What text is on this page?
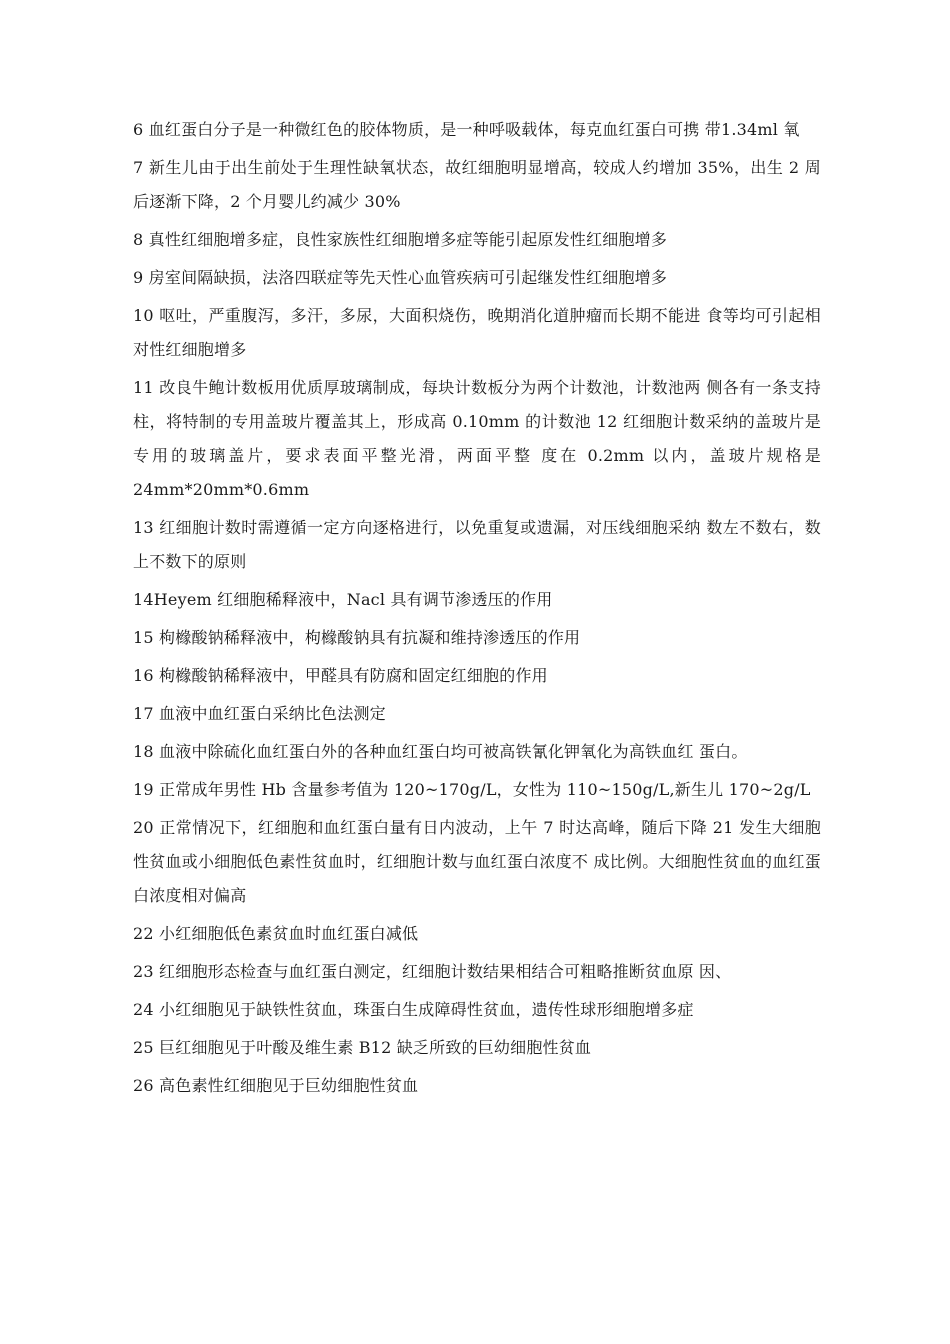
6 血红蛋白分子是一种微红色的胶体物质，是一种呼吸载体，每克血红蛋白可携 带1.34ml 氧

7 新生儿由于出生前处于生理性缺氧状态，故红细胞明显增高，较成人约增加 35%，出生 2 周后逐渐下降，2 个月婴儿约减少 30%

8 真性红细胞增多症，良性家族性红细胞增多症等能引起原发性红细胞增多

9 房室间隔缺损，法洛四联症等先天性心血管疾病可引起继发性红细胞增多

10 呕吐，严重腹泻，多汗，多尿，大面积烧伤，晚期消化道肿瘤而长期不能进 食等均可引起相对性红细胞增多

11 改良牛鲍计数板用优质厚玻璃制成，每块计数板分为两个计数池，计数池两 侧各有一条支持柱，将特制的专用盖玻片覆盖其上，形成高 0.10mm 的计数池 12 红细胞计数采纳的盖玻片是专用的玻璃盖片，要求表面平整光滑，两面平整 度在 0.2mm 以内，盖玻片规格是 24mm*20mm*0.6mm

13 红细胞计数时需遵循一定方向逐格进行，以免重复或遗漏，对压线细胞采纳 数左不数右，数上不数下的原则

14Heyem 红细胞稀释液中，Nacl 具有调节渗透压的作用

15 枸橼酸钠稀释液中，枸橼酸钠具有抗凝和维持渗透压的作用

16 枸橼酸钠稀释液中，甲醛具有防腐和固定红细胞的作用

17 血液中血红蛋白采纳比色法测定

18 血液中除硫化血红蛋白外的各种血红蛋白均可被高铁氰化钾氧化为高铁血红 蛋白。

19 正常成年男性 Hb 含量参考值为 120~170g/L，女性为 110~150g/L,新生儿 170~2g/L

20 正常情况下，红细胞和血红蛋白量有日内波动，上午 7 时达高峰，随后下降 21 发生大细胞性贫血或小细胞低色素性贫血时，红细胞计数与血红蛋白浓度不 成比例。大细胞性贫血的血红蛋白浓度相对偏高

22 小红细胞低色素贫血时血红蛋白减低

23 红细胞形态检查与血红蛋白测定，红细胞计数结果相结合可粗略推断贫血原 因、

24 小红细胞见于缺铁性贫血，珠蛋白生成障碍性贫血，遗传性球形细胞增多症

25 巨红细胞见于叶酸及维生素 B12 缺乏所致的巨幼细胞性贫血

26 高色素性红细胞见于巨幼细胞性贫血
